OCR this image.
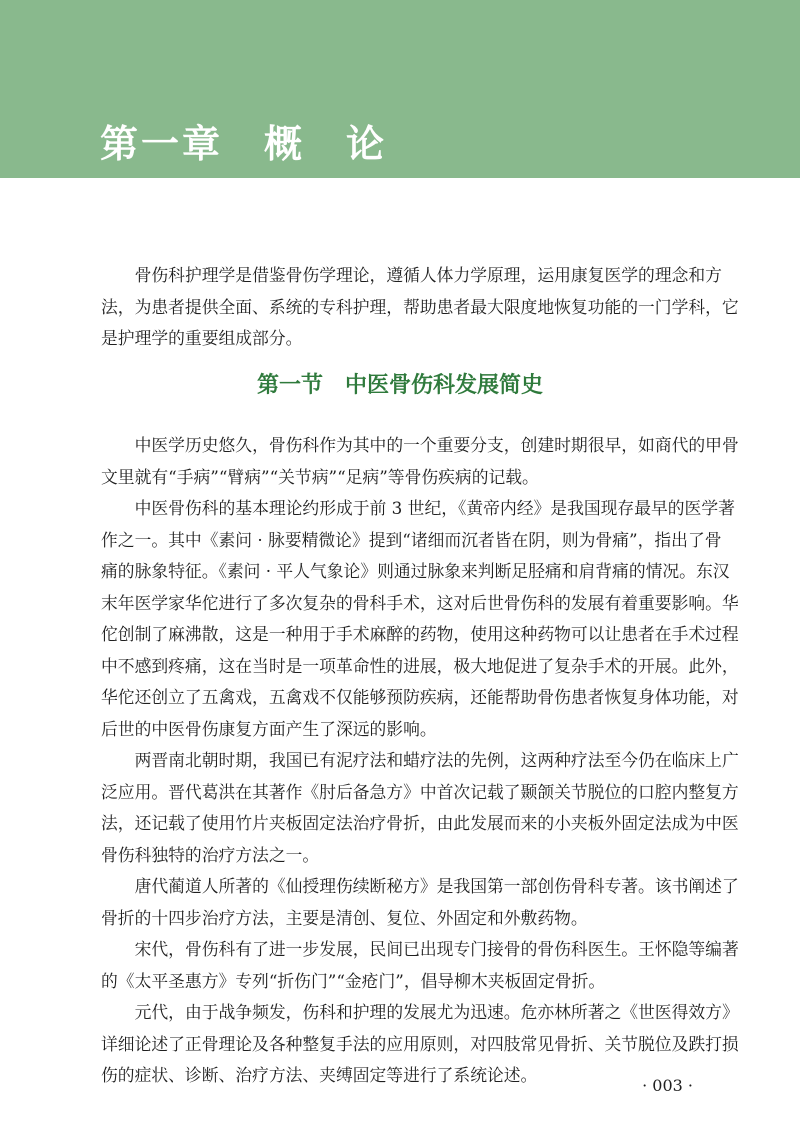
第一章　概　论
骨伤科护理学是借鉴骨伤学理论，遵循人体力学原理，运用康复医学的理念和方
法，为患者提供全面、系统的专科护理，帮助患者最大限度地恢复功能的一门学科，它
是护理学的重要组成部分。
第一节　中医骨伤科发展简史
中医学历史悠久，骨伤科作为其中的一个重要分支，创建时期很早，如商代的甲骨
文里就有“手病”“臂病”“关节病”“足病”等骨伤疾病的记载。
中医骨伤科的基本理论约形成于前 3 世纪，《黄帝内经》是我国现存最早的医学著
作之一。其中《素问 · 脉要精微论》提到“诸细而沉者皆在阴，则为骨痛”，指出了骨
痛的脉象特征。《素问 · 平人气象论》则通过脉象来判断足胫痛和肩背痛的情况。东汉
末年医学家华佗进行了多次复杂的骨科手术，这对后世骨伤科的发展有着重要影响。华
佗创制了麻沸散，这是一种用于手术麻醉的药物，使用这种药物可以让患者在手术过程
中不感到疼痛，这在当时是一项革命性的进展，极大地促进了复杂手术的开展。此外，
华佗还创立了五禽戏，五禽戏不仅能够预防疾病，还能帮助骨伤患者恢复身体功能，对
后世的中医骨伤康复方面产生了深远的影响。
两晋南北朝时期，我国已有泥疗法和蜡疗法的先例，这两种疗法至今仍在临床上广
泛应用。晋代葛洪在其著作《肘后备急方》中首次记载了颞颌关节脱位的口腔内整复方
法，还记载了使用竹片夹板固定法治疗骨折，由此发展而来的小夹板外固定法成为中医
骨伤科独特的治疗方法之一。
唐代蔺道人所著的《仙授理伤续断秘方》是我国第一部创伤骨科专著。该书阐述了
骨折的十四步治疗方法，主要是清创、复位、外固定和外敷药物。
宋代，骨伤科有了进一步发展，民间已出现专门接骨的骨伤科医生。王怀隐等编著
的《太平圣惠方》专列“折伤门”“金疮门”，倡导柳木夹板固定骨折。
元代，由于战争频发，伤科和护理的发展尤为迅速。危亦林所著之《世医得效方》
详细论述了正骨理论及各种整复手法的应用原则，对四肢常见骨折、关节脱位及跌打损
伤的症状、诊断、治疗方法、夹缚固定等进行了系统论述。
· 003 ·
